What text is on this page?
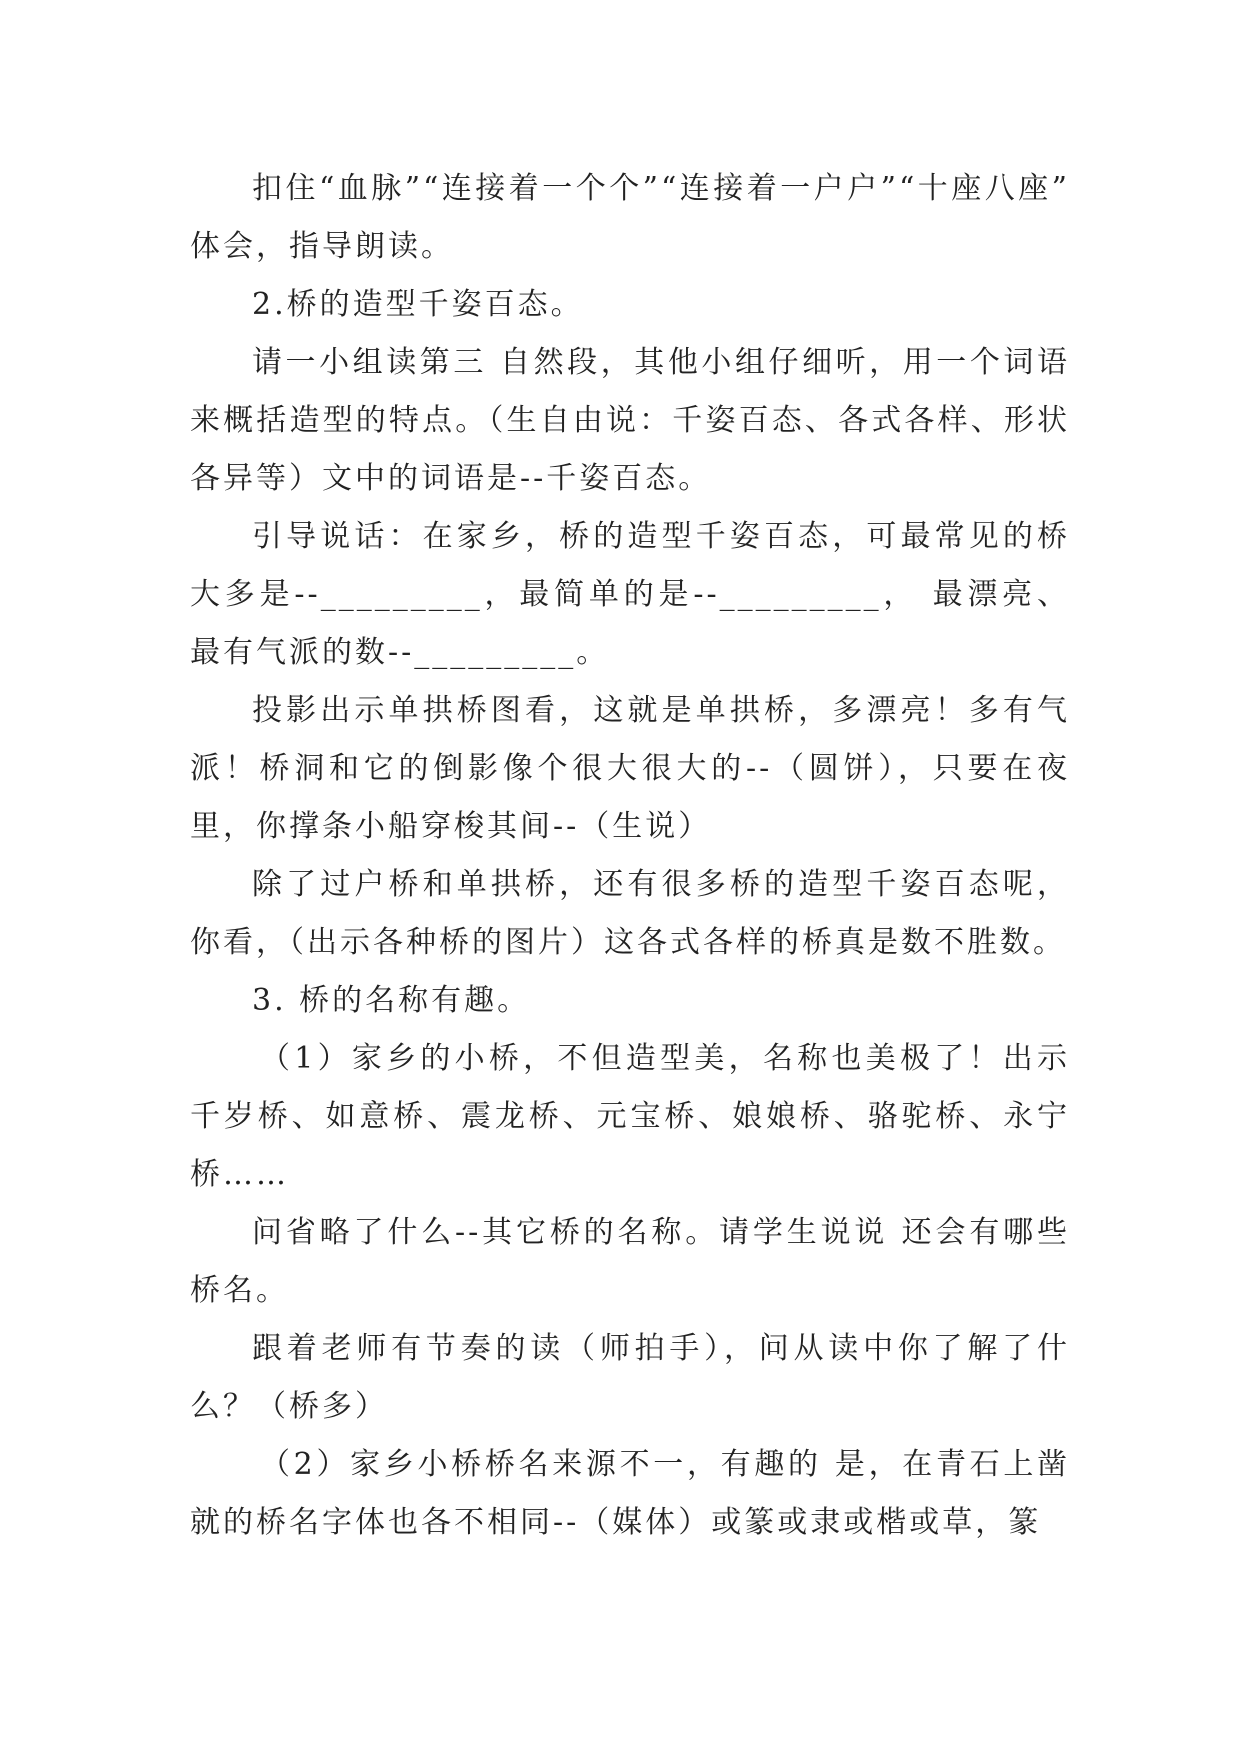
扣住“血脉”“连接着一个个”“连接着一户户”“十座八座” 体会，指导朗读。

2.桥的造型千姿百态。

请一小组读第三 自然段，其他小组仔细听，用一个词语来概括造型的特点。（生自由说：千姿百态、各式各样、形状各异等）文中的词语是--千姿百态。

引导说话：在家乡，桥的造型千姿百态，可最常见的桥大多是--_________，最简单的是--_________， 最漂亮、最有气派的数--_________。

投影出示单拱桥图看，这就是单拱桥，多漂亮！多有气派！桥洞和它的倒影像个很大很大的--（圆饼），只要在夜里，你撑条小船穿梭其间--（生说）

除了过户桥和单拱桥，还有很多桥的造型千姿百态呢，你看，（出示各种桥的图片）这各式各样的桥真是数不胜数。

3. 桥的名称有趣。

（1）家乡的小桥，不但造型美，名称也美极了！出示千岁桥、如意桥、震龙桥、元宝桥、娘娘桥、骆驼桥、永宁桥……

问省略了什么--其它桥的名称。请学生说说 还会有哪些桥名。

跟着老师有节奏的读（师拍手），问从读中你了解了什么？（桥多）

（2）家乡小桥桥名来源不一，有趣的 是，在青石上凿就的桥名字体也各不相同--（媒体）或篆或隶或楷或草，篆
